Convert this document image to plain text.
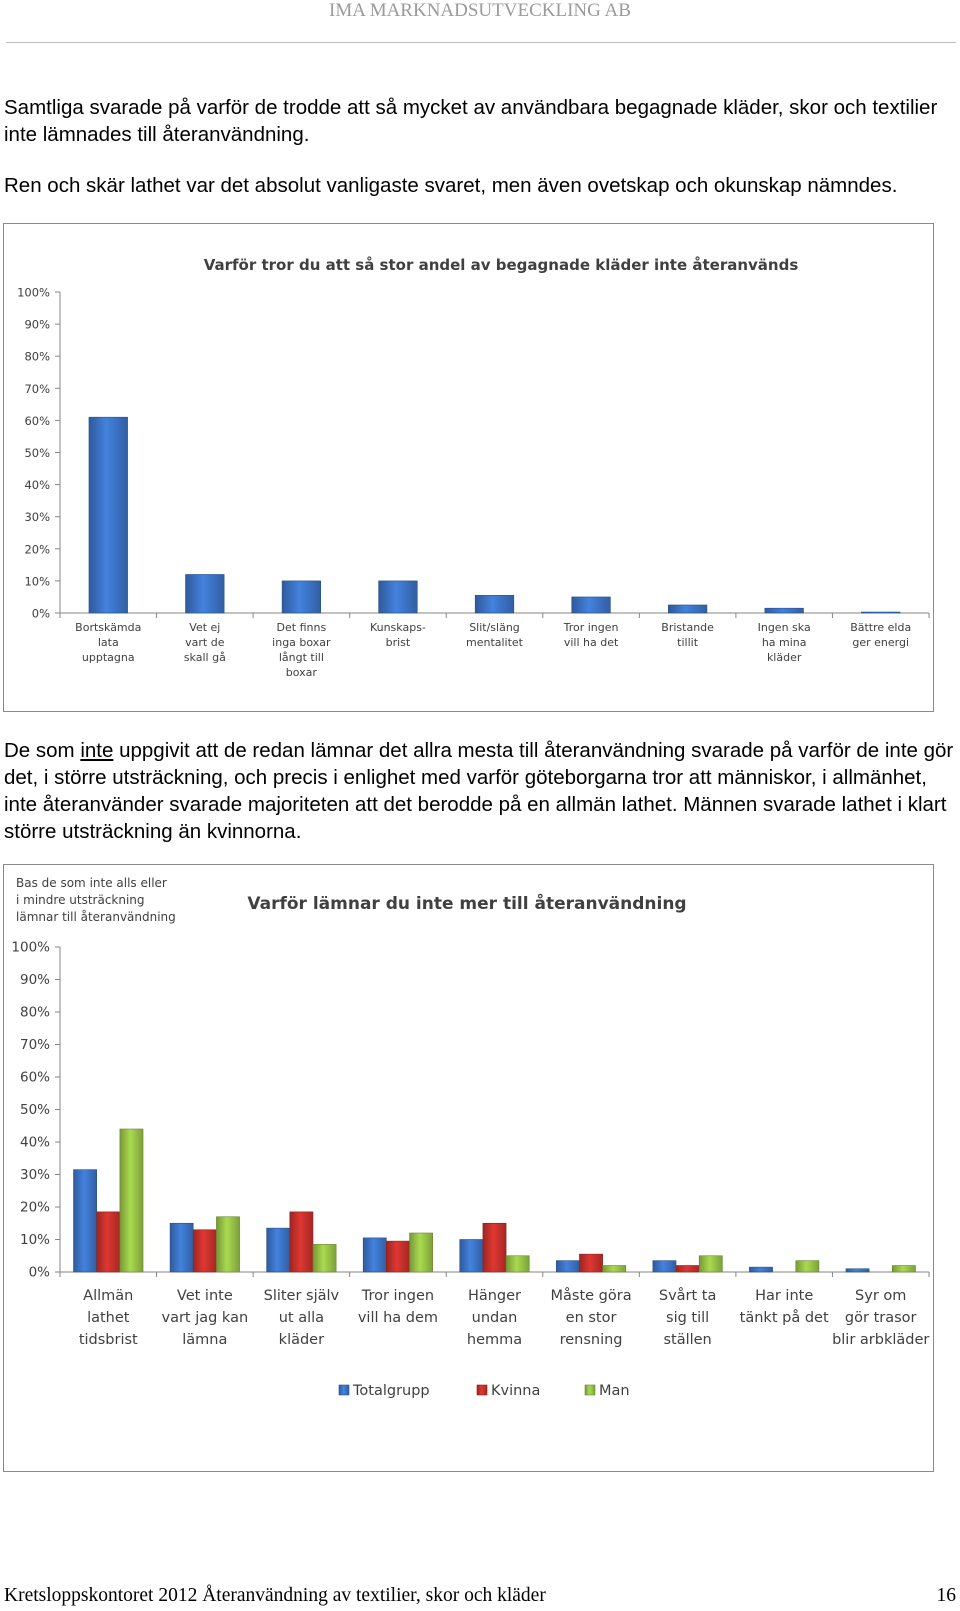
IMA MARKNADSUTVECKLING AB

Samtliga svarade på varför de trodde att så mycket av användbara begagnade kläder, skor och textilier inte lämnades till återanvändning.

Ren och skär lathet var det absolut vanligaste svaret, men även ovetskap och okunskap nämndes.

Varför tror du att så stor andel av begagnade kläder inte återanvänds
0%
10%
20%
30%
40%
50%
60%
70%
80%
90%
100%
Bortskämda
lata
upptagna
Vet ej
vart de
skall gå
Det finns
inga boxar
långt till
boxar
Kunskaps-
brist
Slit/släng
mentalitet
Tror ingen
vill ha det
Bristande
tillit
Ingen ska
ha mina
kläder
Bättre elda
ger energi

De som inte uppgivit att de redan lämnar det allra mesta till återanvändning svarade på varför de inte gör det, i större utsträckning, och precis i enlighet med varför göteborgarna tror att människor, i allmänhet, inte återanvänder svarade majoriteten att det berodde på en allmän lathet. Männen svarade lathet i klart större utsträckning än kvinnorna.

Varför lämnar du inte mer till återanvändning
Bas de som inte alls eller
i mindre utsträckning
lämnar till återanvändning
0%
10%
20%
30%
40%
50%
60%
70%
80%
90%
100%
Allmän
lathet
tidsbrist
Vet inte
vart jag kan
lämna
Sliter själv
ut alla
kläder
Tror ingen
vill ha dem
Hänger
undan
hemma
Måste göra
en stor
rensning
Svårt ta
sig till
ställen
Har inte
tänkt på det
Syr om
gör trasor
blir arbkläder
Totalgrupp	Kvinna	Man
Kretsloppskontoret 2012 Återanvändning av textilier, skor och kläder	16
